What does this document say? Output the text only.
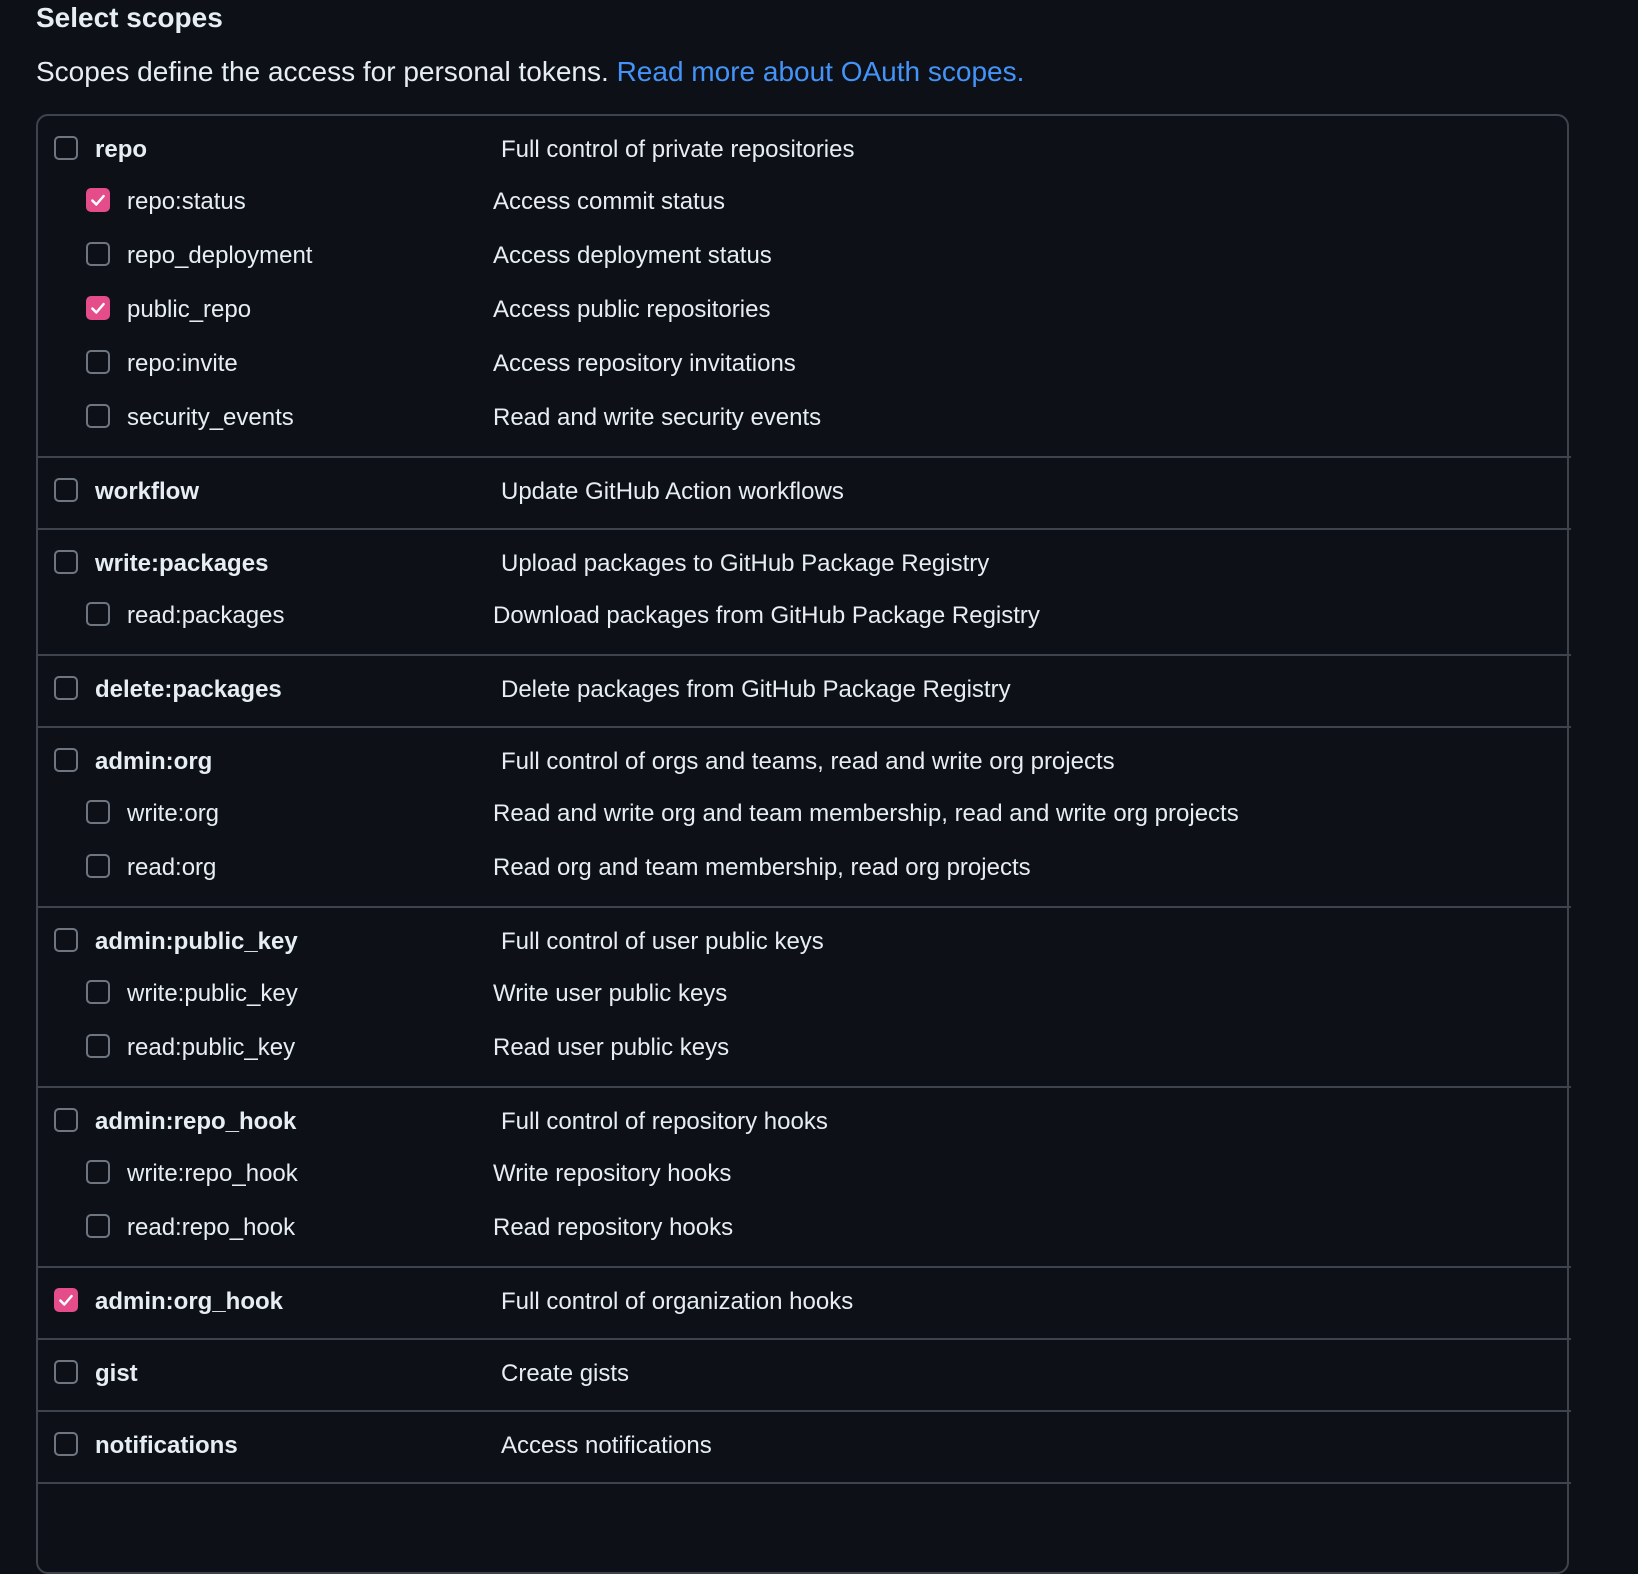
Select scopes
Scopes define the access for personal tokens. Read more about OAuth scopes.
repo	Full control of private repositories
repo:status	Access commit status
repo_deployment	Access deployment status
public_repo	Access public repositories
repo:invite	Access repository invitations
security_events	Read and write security events
workflow	Update GitHub Action workflows
write:packages	Upload packages to GitHub Package Registry
read:packages	Download packages from GitHub Package Registry
delete:packages	Delete packages from GitHub Package Registry
admin:org	Full control of orgs and teams, read and write org projects
write:org	Read and write org and team membership, read and write org projects
read:org	Read org and team membership, read org projects
admin:public_key	Full control of user public keys
write:public_key	Write user public keys
read:public_key	Read user public keys
admin:repo_hook	Full control of repository hooks
write:repo_hook	Write repository hooks
read:repo_hook	Read repository hooks
admin:org_hook	Full control of organization hooks
gist	Create gists
notifications	Access notifications
